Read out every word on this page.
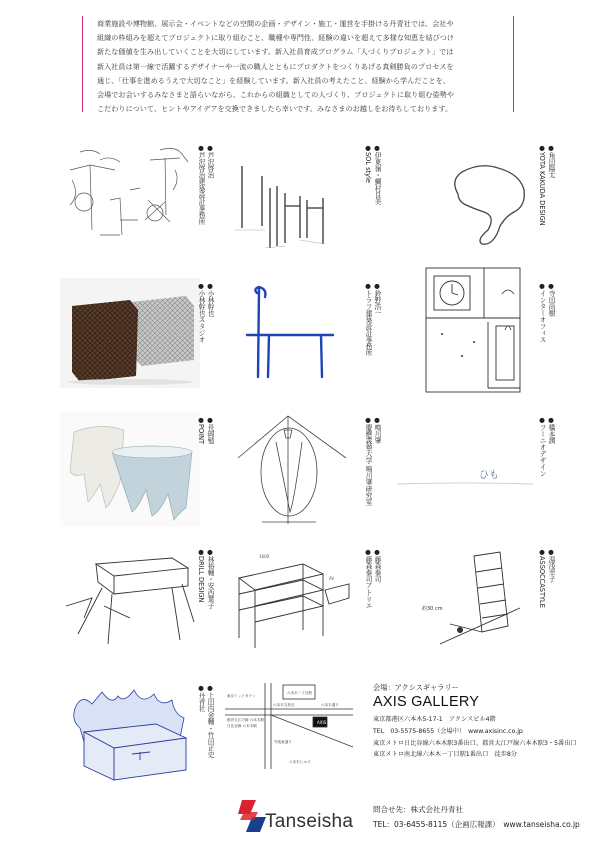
商業施設や博物館、展示会・イベントなどの空間の企画・デザイン・施工・運営を手掛ける丹青社では、会社や

組織の枠組みを超えてプロジェクトに取り組むこと、職種や専門性、経験の違いを超えて多様な知恵を結びつけ

新たな価値を生み出していくことを大切にしています。新入社員育成プログラム「人づくりプロジェクト」では

新入社員は第一線で活躍するデザイナーや一流の職人とともにプロダクトをつくりあげる真剣勝負のプロセスを

通じ、「仕事を進めるうえで大切なこと」を経験しています。新入社員の考えたこと、経験から学んだことを、

会場でお会いするみなさまと語らいながら、これからの組織としての人づくり、プロジェクトに取り組む姿勢や

こだわりについて、ヒントやアイデアを交換できましたら幸いです。みなさまのお越しをお待ちしております。

●芦沢啓治
●芦沢啓治建築設計事務所	●伊東嶺・鯛村良美
●SOL style	●角田陽太
●YOTA KAKUDA DESIGN
●小林幹也
●小林幹也スタジオ	●鈴野浩一
●トラフ建築設計事務所	●寺田尚樹
●インターオフィス
●長岡勉
●POINT	●鳴川肇
●慶應義塾大学 鳴川肇研究室	ひも
●橋本潤
●フーニオデザイン
●林裕輔・安西葉子
●DRILL DESIGN	1600
AV	●藤森泰司
●藤森泰司アトリエ
約30 cm
●湯浅幸子
●ASSOCCASTYLE
●上田内金輔・竹田正史
●丹青社
AXIS
六本木一丁目駅
東京ミッドタウン
都営大江戸線 六本木駅
日比谷線 六本木駅
六本木交差点	六本木通り
外苑東通り
六本木ヒルズ
会場：アクシスギャラリー
AXIS GALLERY
東京都港区六本木5-17-1　アクシスビル4階
TEL　03-5575-8655（会場中）　www.axisinc.co.jp
東京メトロ日比谷線六本木駅3番出口、都営大江戸線六本木駅3・5番出口
東京メトロ南北線六本木一丁目駅1番出口　徒歩8分
Tanseisha
問合せ先：株式会社丹青社
TEL：03-6455-8115（企画広報課）　www.tanseisha.co.jp
